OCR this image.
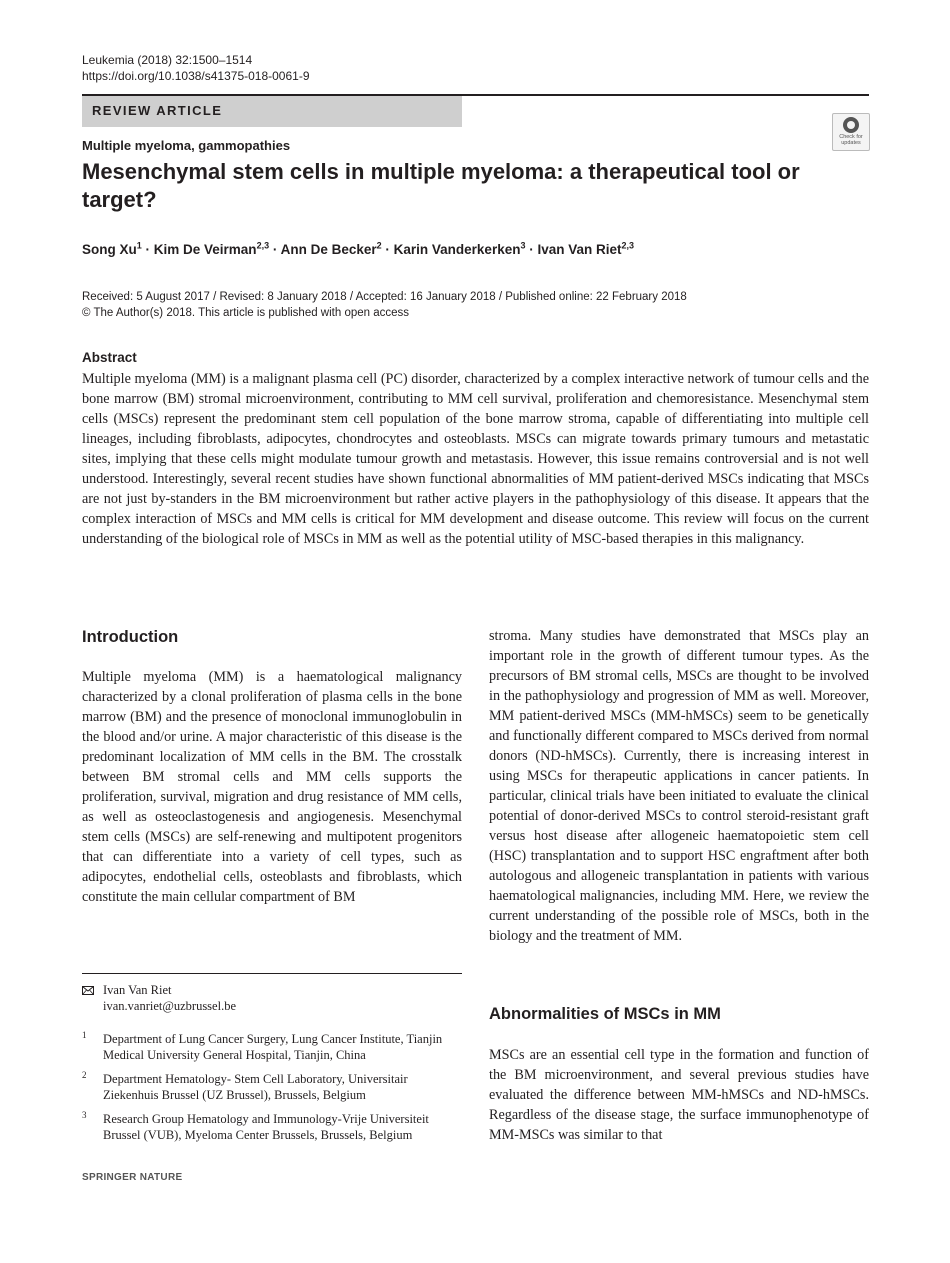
Leukemia (2018) 32:1500–1514
https://doi.org/10.1038/s41375-018-0061-9
REVIEW ARTICLE
Check for updates
Multiple myeloma, gammopathies
Mesenchymal stem cells in multiple myeloma: a therapeutical tool or target?
Song $Xu^1$ · Kim De Veirman$^{2,3}$ · Ann De Becker$^2$ · Karin Vanderkerken$^3$ · Ivan Van Riet$^{2,3}$
Received: 5 August 2017 / Revised: 8 January 2018 / Accepted: 16 January 2018 / Published online: 22 February 2018
© The Author(s) 2018. This article is published with open access
Abstract
Multiple myeloma (MM) is a malignant plasma cell (PC) disorder, characterized by a complex interactive network of tumour cells and the bone marrow (BM) stromal microenvironment, contributing to MM cell survival, proliferation and chemoresistance. Mesenchymal stem cells (MSCs) represent the predominant stem cell population of the bone marrow stroma, capable of differentiating into multiple cell lineages, including fibroblasts, adipocytes, chondrocytes and osteoblasts. MSCs can migrate towards primary tumours and metastatic sites, implying that these cells might modulate tumour growth and metastasis. However, this issue remains controversial and is not well understood. Interestingly, several recent studies have shown functional abnormalities of MM patient-derived MSCs indicating that MSCs are not just by-standers in the BM microenvironment but rather active players in the pathophysiology of this disease. It appears that the complex interaction of MSCs and MM cells is critical for MM development and disease outcome. This review will focus on the current understanding of the biological role of MSCs in MM as well as the potential utility of MSC-based therapies in this malignancy.
Introduction
Multiple myeloma (MM) is a haematological malignancy characterized by a clonal proliferation of plasma cells in the bone marrow (BM) and the presence of monoclonal immunoglobulin in the blood and/or urine. A major characteristic of this disease is the predominant localization of MM cells in the BM. The crosstalk between BM stromal cells and MM cells supports the proliferation, survival, migration and drug resistance of MM cells, as well as osteoclastogenesis and angiogenesis. Mesenchymal stem cells (MSCs) are self-renewing and multipotent progenitors that can differentiate into a variety of cell types, such as adipocytes, endothelial cells, osteoblasts and fibroblasts, which constitute the main cellular compartment of BM
stroma. Many studies have demonstrated that MSCs play an important role in the growth of different tumour types. As the precursors of BM stromal cells, MSCs are thought to be involved in the pathophysiology and progression of MM as well. Moreover, MM patient-derived MSCs (MM-hMSCs) seem to be genetically and functionally different compared to MSCs derived from normal donors (ND-hMSCs). Currently, there is increasing interest in using MSCs for therapeutic applications in cancer patients. In particular, clinical trials have been initiated to evaluate the clinical potential of donor-derived MSCs to control steroid-resistant graft versus host disease after allogeneic haematopoietic stem cell (HSC) transplantation and to support HSC engraftment after both autologous and allogeneic transplantation in patients with various haematological malignancies, including MM. Here, we review the current understanding of the possible role of MSCs, both in the biology and the treatment of MM.
Abnormalities of MSCs in MM
MSCs are an essential cell type in the formation and function of the BM microenvironment, and several previous studies have evaluated the difference between MM-hMSCs and ND-hMSCs. Regardless of the disease stage, the surface immunophenotype of MM-MSCs was similar to that
Ivan Van Riet
ivan.vanriet@uzbrussel.be
1 Department of Lung Cancer Surgery, Lung Cancer Institute, Tianjin Medical University General Hospital, Tianjin, China
2 Department Hematology- Stem Cell Laboratory, Universitair Ziekenhuis Brussel (UZ Brussel), Brussels, Belgium
3 Research Group Hematology and Immunology-Vrije Universiteit Brussel (VUB), Myeloma Center Brussels, Brussels, Belgium
SPRINGER NATURE
